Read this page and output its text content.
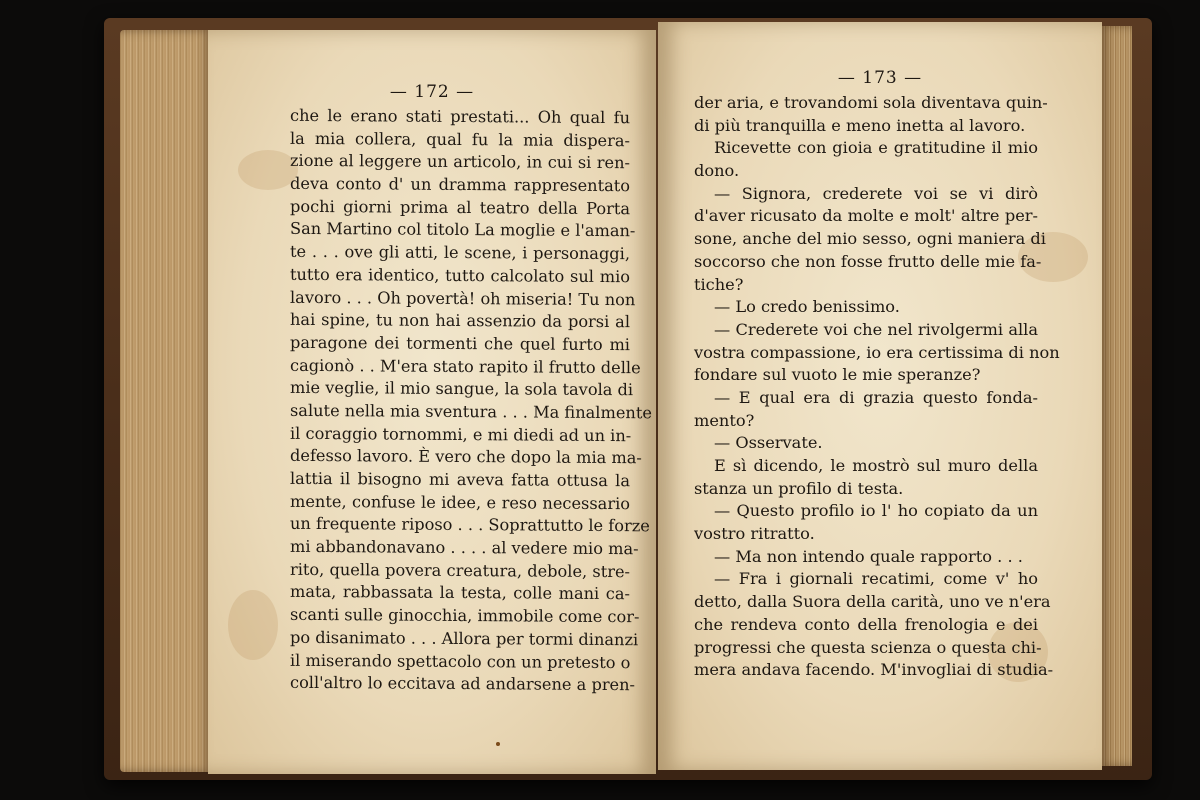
— 172 —
che le erano stati prestati... Oh qual fu
la mia collera, qual fu la mia dispera-
zione al leggere un articolo, in cui si ren-
deva conto d' un dramma rappresentato
pochi giorni prima al teatro della Porta
San Martino col titolo La moglie e l'aman-
te . . . ove gli atti, le scene, i personaggi,
tutto era identico, tutto calcolato sul mio
lavoro . . . Oh povertà! oh miseria! Tu non
hai spine, tu non hai assenzio da porsi al
paragone dei tormenti che quel furto mi
cagionò . . M'era stato rapito il frutto delle
mie veglie, il mio sangue, la sola tavola di
salute nella mia sventura . . . Ma finalmente
il coraggio tornommi, e mi diedi ad un in-
defesso lavoro. È vero che dopo la mia ma-
lattia il bisogno mi aveva fatta ottusa la
mente, confuse le idee, e reso necessario
un frequente riposo . . . Soprattutto le forze
mi abbandonavano . . . . al vedere mio ma-
rito, quella povera creatura, debole, stre-
mata, rabbassata la testa, colle mani ca-
scanti sulle ginocchia, immobile come cor-
po disanimato . . . Allora per tormi dinanzi
il miserando spettacolo con un pretesto o
coll'altro lo eccitava ad andarsene a pren-
— 173 —
der aria, e trovandomi sola diventava quin-
di più tranquilla e meno inetta al lavoro.
Ricevette con gioia e gratitudine il mio
dono.
— Signora, crederete voi se vi dirò
d'aver ricusato da molte e molt' altre per-
sone, anche del mio sesso, ogni maniera di
soccorso che non fosse frutto delle mie fa-
tiche?
— Lo credo benissimo.
— Crederete voi che nel rivolgermi alla
vostra compassione, io era certissima di non
fondare sul vuoto le mie speranze?
— E qual era di grazia questo fonda-
mento?
— Osservate.
E sì dicendo, le mostrò sul muro della
stanza un profilo di testa.
— Questo profilo io l' ho copiato da un
vostro ritratto.
— Ma non intendo quale rapporto . . .
— Fra i giornali recatimi, come v' ho
detto, dalla Suora della carità, uno ve n'era
che rendeva conto della frenologia e dei
progressi che questa scienza o questa chi-
mera andava facendo. M'invogliai di studia-
